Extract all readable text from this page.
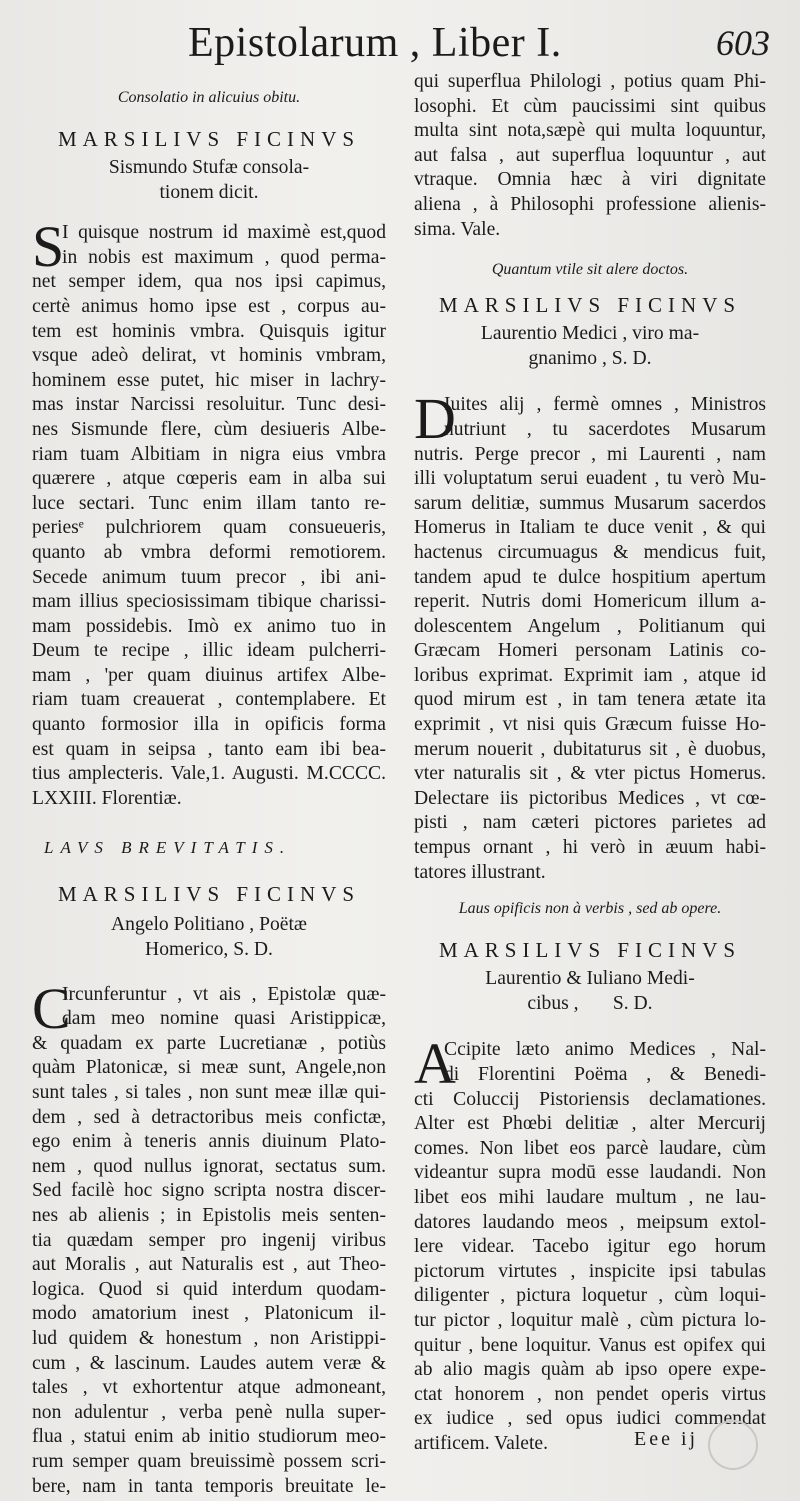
Epistolarum , Liber I.	603

Consolatio in alicuius obitu.

MARSILIVS FICINVS

Sismundo Stufæ consola-

tionem dicit.

S
I quisque nostrum id maximè est,quod
in nobis est maximum , quod perma-
net semper idem, qua nos ipsi capimus,
certè animus homo ipse est , corpus au-
tem est hominis vmbra. Quisquis igitur
vsque adeò delirat, vt hominis vmbram,
hominem esse putet, hic miser in lachry-
mas instar Narcissi resoluitur. Tunc desi-
nes Sismunde flere, cùm desiueris Albe-
riam tuam Albitiam in nigra eius vmbra
quærere , atque cœperis eam in alba sui
luce sectari. Tunc enim illam tanto re-
periesᵉ pulchriorem quam consueueris,
quanto ab vmbra deformi remotiorem.
Secede animum tuum precor , ibi ani-
mam illius speciosissimam tibique charissi-
mam possidebis. Imò ex animo tuo in
Deum te recipe , illic ideam pulcherri-
mam , 'per quam diuinus artifex Albe-
riam tuam creauerat , contemplabere. Et
quanto formosior illa in opificis forma
est quam in seipsa , tanto eam ibi bea-
tius amplecteris. Vale,1. Augusti. M.CCCC.
LXXIII. Florentiæ.

LAVS BREVITATIS.

MARSILIVS FICINVS

Angelo Politiano , Poëtæ

Homerico, S. D.

C
Ircunferuntur , vt ais , Epistolæ quæ-
dam meo nomine quasi Aristippicæ,
& quadam ex parte Lucretianæ , potiùs
quàm Platonicæ, si meæ sunt, Angele,non
sunt tales , si tales , non sunt meæ illæ qui-
dem , sed à detractoribus meis confictæ,
ego enim à teneris annis diuinum Plato-
nem , quod nullus ignorat, sectatus sum.
Sed facilè hoc signo scripta nostra discer-
nes ab alienis ; in Epistolis meis senten-
tia quædam semper pro ingenij viribus
aut Moralis , aut Naturalis est , aut Theo-
logica. Quod si quid interdum quodam-
modo amatorium inest , Platonicum il-
lud quidem & honestum , non Aristippi-
cum , & lascinum. Laudes autem veræ &
tales , vt exhortentur atque admoneant,
non adulentur , verba penè nulla super-
flua , statui enim ab initio studiorum meo-
rum semper quam breuissimè possem scri-
bere, nam in tanta temporis breuitate le-
qui superflua Philologi , potius quam Phi-
losophi. Et cùm paucissimi sint quibus
multa sint nota,sæpè qui multa loquuntur,
aut falsa , aut superflua loquuntur , aut
vtraque. Omnia hæc à viri dignitate
aliena , à Philosophi professione alienis-
sima. Vale.

Quantum vtile sit alere doctos.

MARSILIVS FICINVS

Laurentio Medici , viro ma-

gnanimo , S. D.

D
Iuites alij , fermè omnes , Ministros
nutriunt , tu sacerdotes Musarum
nutris. Perge precor , mi Laurenti , nam
illi voluptatum serui euadent , tu verò Mu-
sarum delitiæ, summus Musarum sacerdos
Homerus in Italiam te duce venit , & qui
hactenus circumuagus & mendicus fuit,
tandem apud te dulce hospitium apertum
reperit. Nutris domi Homericum illum a-
dolescentem Angelum , Politianum qui
Græcam Homeri personam Latinis co-
loribus exprimat. Exprimit iam , atque id
quod mirum est , in tam tenera ætate ita
exprimit , vt nisi quis Græcum fuisse Ho-
merum nouerit , dubitaturus sit , è duobus,
vter naturalis sit , & vter pictus Homerus.
Delectare iis pictoribus Medices , vt cœ-
pisti , nam cæteri pictores parietes ad
tempus ornant , hi verò in æuum habi-
tatores illustrant.

Laus opificis non à verbis , sed ab opere.

MARSILIVS FICINVS

Laurentio & Iuliano Medi-

cibus ,       S. D.

A
Ccipite læto animo Medices , Nal-
di Florentini Poëma , & Benedi-
cti Coluccij Pistoriensis declamationes.
Alter est Phœbi delitiæ , alter Mercurij
comes. Non libet eos parcè laudare, cùm
videantur supra modū esse laudandi. Non
libet eos mihi laudare multum , ne lau-
datores laudando meos , meipsum extol-
lere videar. Tacebo igitur ego horum
pictorum virtutes , inspicite ipsi tabulas
diligenter , pictura loquetur , cùm loqui-
tur pictor , loquitur malè , cùm pictura lo-
quitur , bene loquitur. Vanus est opifex qui
ab alio magis quàm ab ipso opere expe-
ctat honorem , non pendet operis virtus
ex iudice , sed opus iudici commendat
artificem. Valete.	Eee ij
